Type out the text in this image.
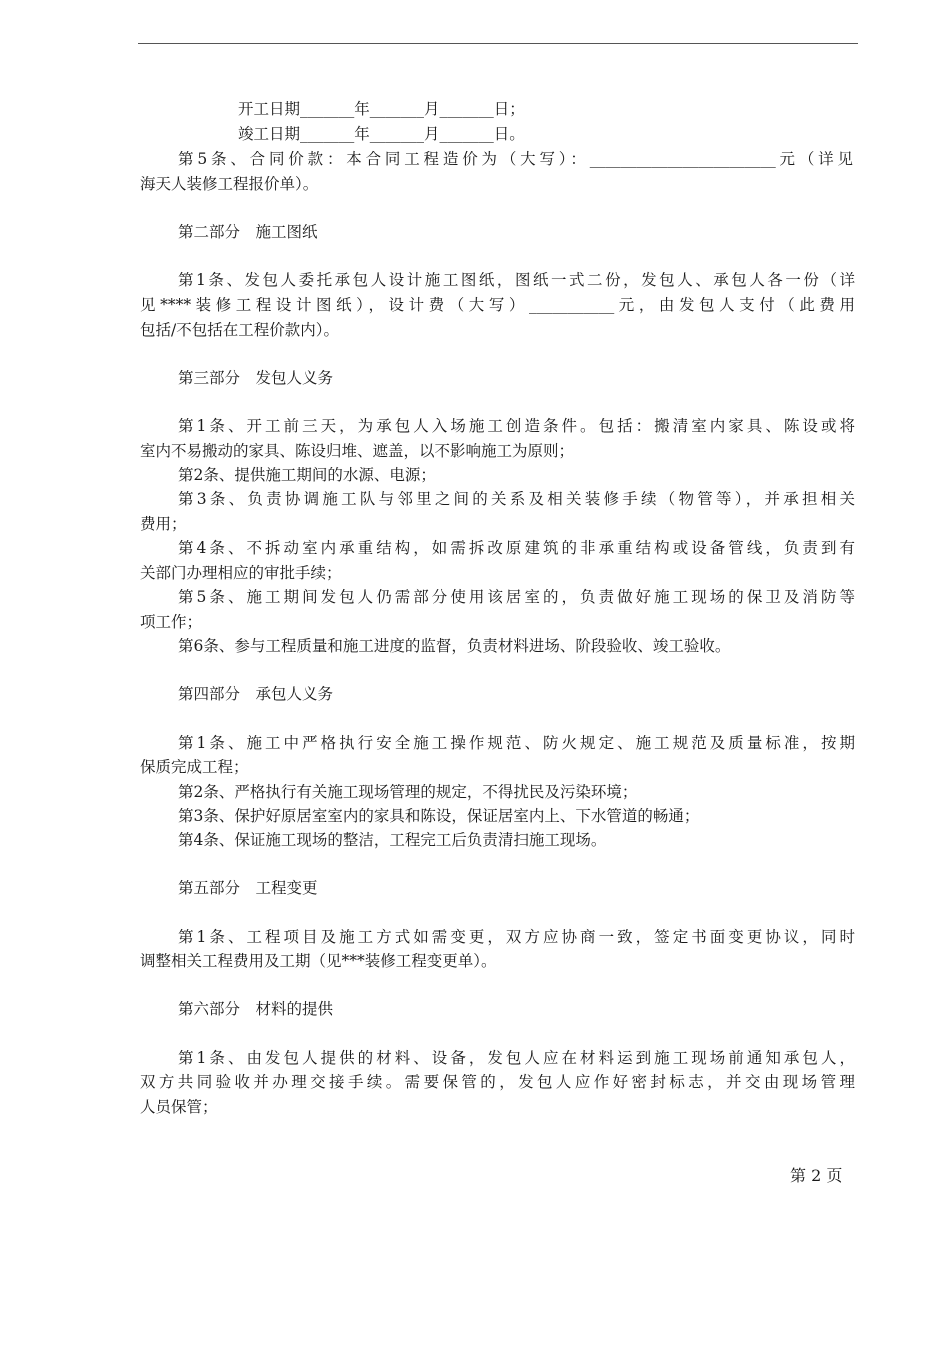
开工日期_______年_______月_______日；
竣工日期_______年_______月_______日。
第5条、合同价款：本合同工程造价为（大写）：________________________元（详见
海天人装修工程报价单）。
第二部分　施工图纸
第1条、发包人委托承包人设计施工图纸，图纸一式二份，发包人、承包人各一份（详
见****装修工程设计图纸），设计费（大写）___________元，由发包人支付（此费用
包括/不包括在工程价款内）。
第三部分　发包人义务
第1条、开工前三天，为承包人入场施工创造条件。包括：搬清室内家具、陈设或将
室内不易搬动的家具、陈设归堆、遮盖，以不影响施工为原则；
第2条、提供施工期间的水源、电源；
第3条、负责协调施工队与邻里之间的关系及相关装修手续（物管等），并承担相关
费用；
第4条、不拆动室内承重结构，如需拆改原建筑的非承重结构或设备管线，负责到有
关部门办理相应的审批手续；
第5条、施工期间发包人仍需部分使用该居室的，负责做好施工现场的保卫及消防等
项工作；
第6条、参与工程质量和施工进度的监督，负责材料进场、阶段验收、竣工验收。
第四部分　承包人义务
第1条、施工中严格执行安全施工操作规范、防火规定、施工规范及质量标准，按期
保质完成工程；
第2条、严格执行有关施工现场管理的规定，不得扰民及污染环境；
第3条、保护好原居室室内的家具和陈设，保证居室内上、下水管道的畅通；
第4条、保证施工现场的整洁，工程完工后负责清扫施工现场。
第五部分　工程变更
第1条、工程项目及施工方式如需变更，双方应协商一致，签定书面变更协议，同时
调整相关工程费用及工期（见***装修工程变更单）。
第六部分　材料的提供
第1条、由发包人提供的材料、设备，发包人应在材料运到施工现场前通知承包人，
双方共同验收并办理交接手续。需要保管的，发包人应作好密封标志，并交由现场管理
人员保管；
第 2 页
